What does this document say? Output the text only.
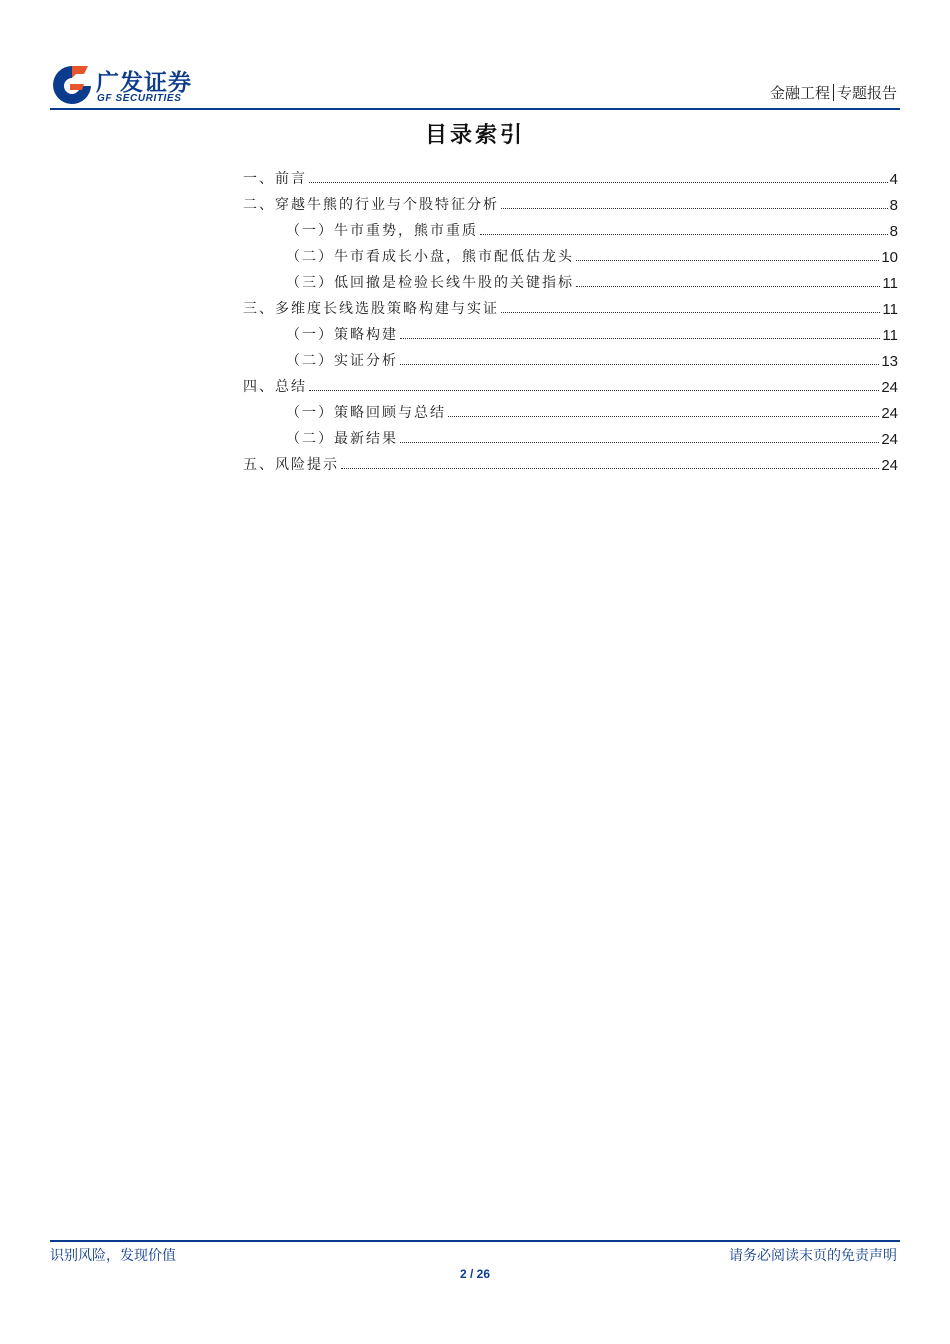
广发证券
GF SECURITIES	金融工程 专题报告
目录索引
一、前言	4
二、穿越牛熊的行业与个股特征分析	8
（一）牛市重势，熊市重质	8
（二）牛市看成长小盘，熊市配低估龙头	10
（三）低回撤是检验长线牛股的关键指标	11
三、多维度长线选股策略构建与实证	11
（一）策略构建	11
（二）实证分析	13
四、总结	24
（一）策略回顾与总结	24
（二）最新结果	24
五、风险提示	24
识别风险，发现价值	请务必阅读末页的免责声明
2 / 26
